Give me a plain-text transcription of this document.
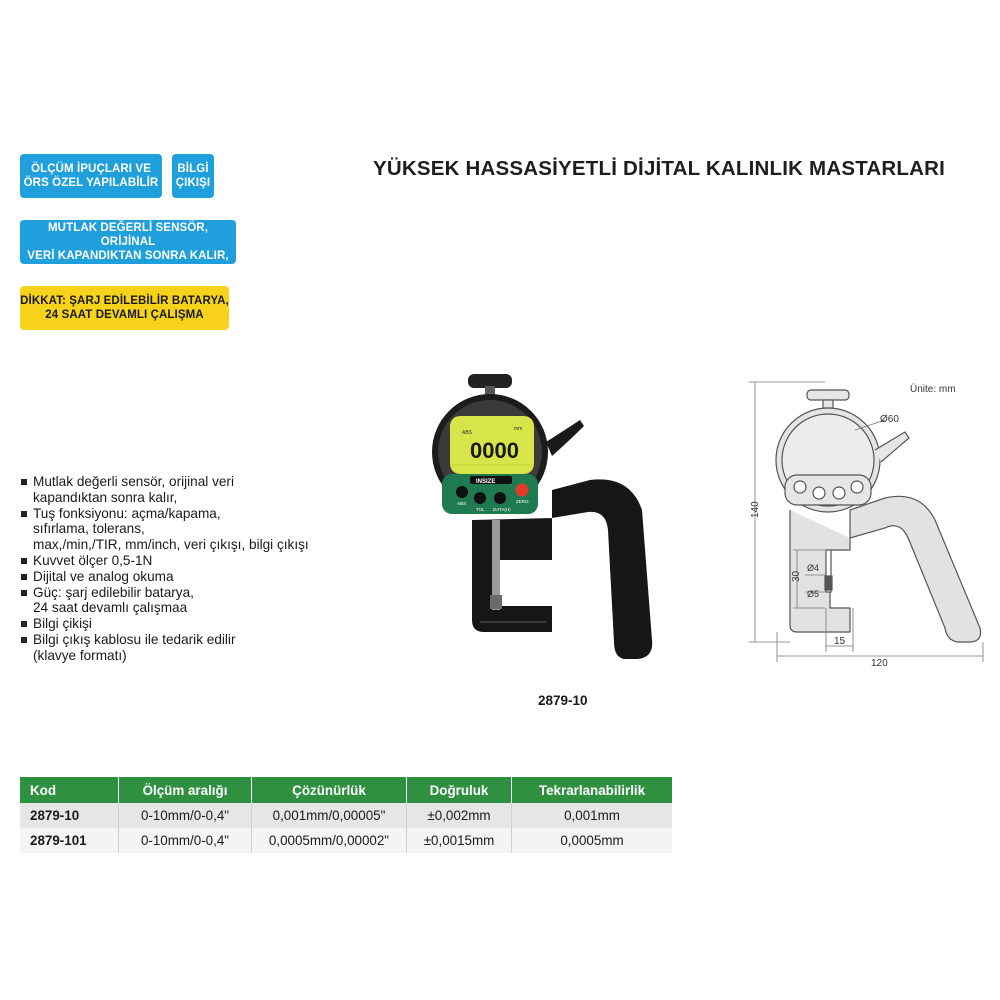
ÖLÇÜM İPUÇLARI VE
ÖRS ÖZEL YAPILABİLİR
BİLGİ
ÇIKIŞI
MUTLAK DEĞERLİ SENSÖR, ORİJİNAL
VERİ KAPANDIKTAN SONRA KALIR,
DİKKAT: ŞARJ EDİLEBİLİR BATARYA,
24 SAAT DEVAMLI ÇALIŞMA
YÜKSEK HASSASİYETLİ DİJİTAL KALINLIK MASTARLARI
Mutlak değerli sensör, orijinal veri
kapandıktan sonra kalır,
Tuş fonksiyonu: açma/kapama,
sıfırlama, tolerans,
max,/min,/TIR, mm/inch, veri çıkışı, bilgi çıkışı
Kuvvet ölçer 0,5-1N
Dijital ve analog okuma
Güç: şarj edilebilir batarya,
24 saat devamlı çalışmaa
Bilgi çikişi
Bilgi çıkış kablosu ile tedarik edilir
(klavye formatı)
ABS
mm
0000
INSIZE
ABS
TOL DATA(H)
ZERO
2879-10
Ünite: mm
Ø60
140
30
Ø4
Ø5
15
120
Kod	Ölçüm aralığı	Çözünürlük	Doğruluk	Tekrarlanabilirlik
2879-10	0-10mm/0-0,4"	0,001mm/0,00005"	±0,002mm	0,001mm
2879-101	0-10mm/0-0,4"	0,0005mm/0,00002"	±0,0015mm	0,0005mm
